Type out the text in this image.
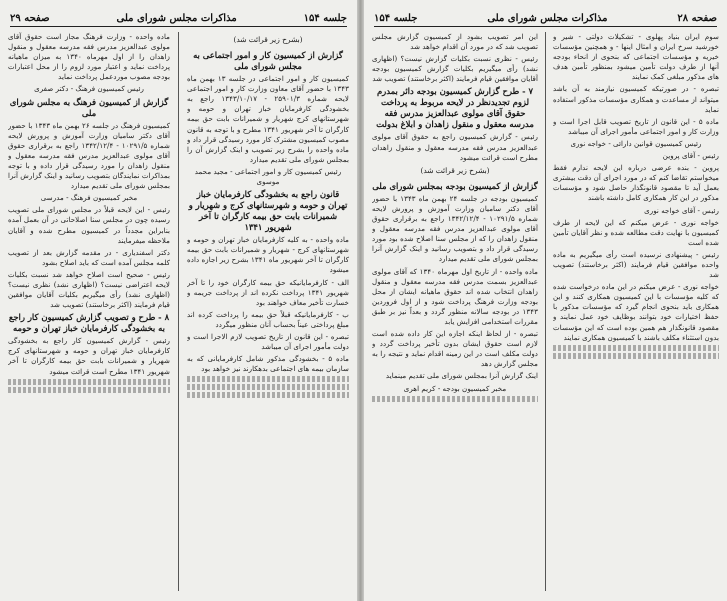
صفحه ۲۹	مذاکرات مجلس شورای ملی	جلسه ۱۵۴
(بشرح زیر قرائت شد)

گزارش از کمیسیون کار و امور اجتماعی به مجلس شورای ملی

کمیسیون کار و امور اجتماعی در جلسه ۱۳ بهمن ماه ۱۳۴۳ با حضور آقای معاون وزارت کار و امور اجتماعی لایحه شماره ۲۵۹۰۱/۳ - ۱۳۴۳/۱۰/۱۷ راجع به بخشودگی کارفرمایان خباز تهران و حومه و شهرستانهای کرج شهریار و شمیرانات بابت حق بیمه کارگران تا آخر شهریور ۱۳۴۱ مطرح و با توجه به قانون مصوب کمیسیون مشترک کار مورد رسیدگی قرار داد و ماده واحده را بشرح زیر تصویب و اینک گزارش آن را بمجلس شورای ملی تقدیم میدارد

رئیس کمیسیون کار و امور اجتماعی - مجید محمد موسوی

قانون راجع به بخشودگی کارفرمایان خباز تهران و حومه و شهرستانهای کرج و شهریار و شمیرانات بابت حق بیمه کارگران تا آخر شهریور ۱۳۴۱

ماده واحده - به کلیه کارفرمایان خباز تهران و حومه و شهرستانهای کرج - شهریار و شمیرانات بابت حق بیمه کارگران تا آخر شهریور ماه ۱۳۴۱ بشرح زیر اجازه داده میشود

الف - کارفرمایانیکه حق بیمه کارگران خود را تا آخر شهریور ۱۳۴۱ پرداخت نکرده اند از پرداخت جریمه و خسارت تأخیر معاف خواهند بود

ب - کارفرمایانیکه قبلاً حق بیمه را پرداخت کرده اند مبلغ پرداختی عیناً بحساب آنان منظور میگردد

تبصره - این قانون از تاریخ تصویب لازم الاجرا است و دولت مأمور اجرای آن میباشد

ماده ۵ - بخشودگی مذکور شامل کارفرمایانی که به سازمان بیمه های اجتماعی بدهکارند نیز خواهد بود

ماده واحده - وزارت فرهنگ مجاز است حقوق آقای مولوی عبدالعزیز مدرس فقه مدرسه معقول و منقول زاهدان را از اول مهرماه ۱۳۴۰ به میزان ماهیانه پرداخت نماید و اعتبار مورد لزوم را از محل اعتبارات بودجه مصوب موردعمل پرداخت نماید

رئیس کمیسیون فرهنگ - دکتر صفری

گزارش از کمیسیون فرهنگ به مجلس شورای ملی

کمیسیون فرهنگ در جلسه ۲۶ بهمن ماه ۱۳۴۳ با حضور آقای دکتر سامیان وزارت آموزش و پرورش لایحه شماره ۱۰۲۹۱/۵ - ۱۳۴۲/۱۲/۴ راجع به برقراری حقوق آقای مولوی عبدالعزیز مدرس فقه مدرسه معقول و منقول زاهدان را مورد رسیدگی قرار داده و با توجه بمذاکرات نمایندگان بتصویب رسانید و اینک گزارش آنرا بمجلس شورای ملی تقدیم میدارد

مخبر کمیسیون فرهنگ - مدرسی

رئیس - این لایحه قبلاً در مجلس شورای ملی تصویب رسیده چون در مجلس سنا اصلاحاتی در آن بعمل آمده بنابراین مجدداً در کمیسیون مطرح شده و آقایان ملاحظه میفرمایند

دکتر اسفندیاری - در مقدمه گزارش بعد از تصویب کلمه مجلس آمده است که باید اصلاح بشود

رئیس - صحیح است اصلاح خواهد شد نسبت بکلیات لایحه اعتراضی نیست؟ (اظهاری نشد) نظری نیست؟ (اظهاری نشد) رأی میگیریم بکلیات آقایان موافقین قیام فرمایند (اکثر برخاستند) تصویب شد

۸ - طرح و تصویب گزارش کمیسیون کار راجع به بخشودگی کارفرمایان خباز تهران و حومه

رئیس - گزارش کمیسیون کار راجع به بخشودگی کارفرمایان خباز تهران و حومه و شهرستانهای کرج شهریار و شمیرانات بابت حق بیمه کارگران تا آخر شهریور ۱۳۴۱ مطرح است قرائت میشود

جلسه ۱۵۴	مذاکرات مجلس شورای ملی	صفحه ۲۸

سوم ایران بنیاد پهلوی - تشکیلات دولتی - شیر و خورشید سرخ ایران و امثال اینها - و همچنین مؤسسات خیریه و مؤسسات اجتماعی که بنحوی از انحاء بودجه آنها از طرف دولت تأمین میشود بمنظور تأمین هدف های مذکور مبلغی کمک نمایند

تبصره - در صورتیکه کمیسیون نیازمند به آن باشد میتواند از مساعدت و همکاری مؤسسات مذکور استفاده نماید

ماده ۵ - این قانون از تاریخ تصویب قابل اجرا است و وزارت کار و امور اجتماعی مأمور اجرای آن میباشد

رئیس کمیسیون قوانین دارائی - خواجه نوری

رئیس - آقای پروین

پروین - بنده عرضی درباره این لایحه ندارم فقط میخواستم تقاضا کنم که در مورد اجرای آن دقت بیشتری بعمل آید تا مقصود قانونگذار حاصل شود و مؤسسات مذکور در این کار همکاری کامل داشته باشند

رئیس - آقای خواجه نوری

خواجه نوری - عرض میکنم که این لایحه از طرف کمیسیون با نهایت دقت مطالعه شده و نظر آقایان تأمین شده است

رئیس - پیشنهادی نرسیده است رأی میگیریم به ماده واحده موافقین قیام فرمایند (اکثر برخاستند) تصویب شد

خواجه نوری - عرض میکنم در این ماده درخواست شده که کلیه مؤسسات با این کمیسیون همکاری کنند و این همکاری باید بنحوی انجام گیرد که مؤسسات مذکور با حفظ اختیارات خود بتوانند بوظایف خود عمل نمایند و مقصود قانونگذار هم همین بوده است که این مؤسسات بدون استثناء مکلف باشند با کمیسیون همکاری نمایند

این امر تصویب بشود از کمیسیون گزارش مجلس تصویب شد که در مورد آن اقدام خواهد شد

رئیس - نظری نسبت بکلیات گزارش نیست؟ (اظهاری نشد) رأی میگیریم بکلیات گزارش کمیسیون بودجه آقایان موافقین قیام فرمایند (اکثر برخاستند) تصویب شد

۷ - طرح گزارش کمیسیون بودجه دائر بمدرم لزوم تجدیدنظر در لایحه مربوط به پرداخت حقوق آقای مولوی عبدالعزیز مدرس فقه مدرسه معقول و منقول زاهدان و ابلاغ بدولت

رئیس - گزارش کمیسیون راجع به حقوق آقای مولوی عبدالعزیز مدرس فقه مدرسه معقول و منقول زاهدان مطرح است قرائت میشود

(بشرح زیر قرائت شد)

گزارش از کمیسیون بودجه بمجلس شورای ملی

کمیسیون بودجه در جلسه ۲۴ بهمن ماه ۱۳۴۳ با حضور آقای دکتر سامیان وزارت آموزش و پرورش لایحه شماره ۱۰۲۹۱/۵ - ۱۳۴۲/۱۲/۴ راجع به برقراری حقوق آقای مولوی عبدالعزیز مدرس فقه مدرسه معقول و منقول زاهدان را که از مجلس سنا اصلاح شده بود مورد رسیدگی قرار داد و بتصویب رسانید و اینک گزارش آنرا بمجلس شورای ملی تقدیم میدارد

ماده واحده - از تاریخ اول مهرماه ۱۳۴۰ که آقای مولوی عبدالعزیز بسمت مدرس فقه مدرسه معقول و منقول زاهدان انتخاب شده اند حقوق ماهیانه ایشان از محل بودجه وزارت فرهنگ پرداخت شود و از اول فروردین ۱۳۴۳ در بودجه سالانه منظور گردد و بعداً نیز بر طبق مقررات استخدامی افزایش یابد

تبصره - از لحاظ اینکه اجازه این کار داده شده است لازم است حقوق ایشان بدون تأخیر پرداخت گردد و دولت مکلف است در این زمینه اقدام نماید و نتیجه را به مجلس گزارش دهد

اینک گزارش آنرا بمجلس شورای ملی تقدیم مینماید

مخبر کمیسیون بودجه - کریم اهری
